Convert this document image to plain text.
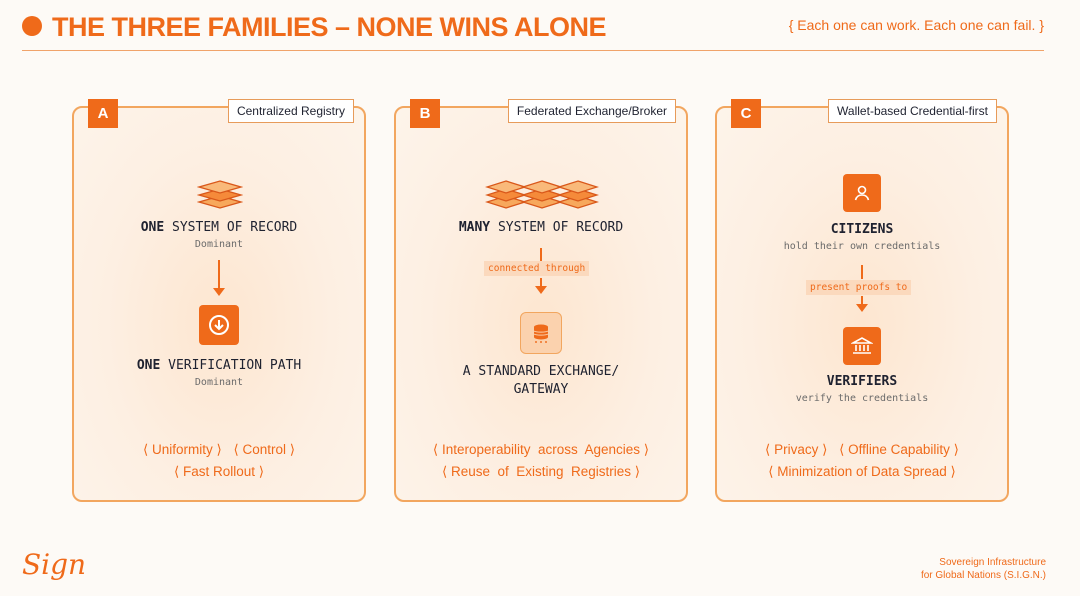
THE THREE FAMILIES – NONE WINS ALONE	{ Each one can work. Each one can fail. }
A	Centralized Registry
ONE SYSTEM OF RECORD
Dominant
ONE VERIFICATION PATH
Dominant
⟨ Uniformity ⟩ ⟨ Control ⟩
⟨ Fast Rollout ⟩
B	Federated Exchange/Broker
MANY SYSTEM OF RECORD
connected through
A STANDARD EXCHANGE/
GATEWAY
⟨ Interoperability  across  Agencies ⟩
⟨ Reuse  of  Existing  Registries ⟩
C	Wallet-based Credential-first
CITIZENS
hold their own credentials
present proofs to
VERIFIERS
verify the credentials
⟨ Privacy ⟩ ⟨ Offline Capability ⟩
⟨ Minimization of Data Spread ⟩
Sign	Sovereign Infrastructure
for Global Nations (S.I.G.N.)
